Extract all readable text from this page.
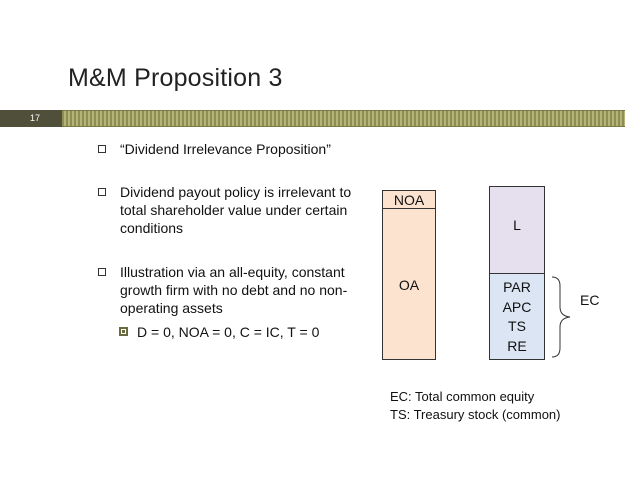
M&M Proposition 3
17
“Dividend Irrelevance Proposition”
Dividend payout policy is irrelevant to total shareholder value under certain conditions
Illustration via an all-equity, constant growth firm with no debt and no non-operating assets
D = 0, NOA = 0, C = IC, T = 0
NOA
OA
L
PAR
APC
TS
RE
EC
EC: Total common equity
TS: Treasury stock (common)
